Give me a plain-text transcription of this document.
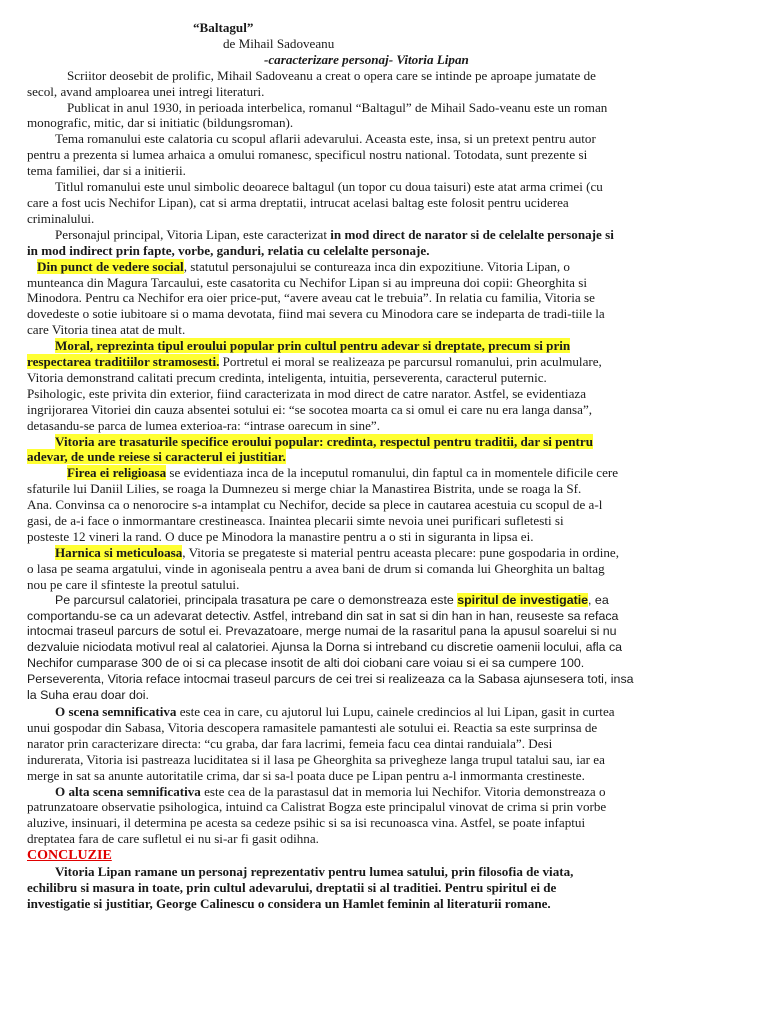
“Baltagul”
de Mihail Sadoveanu
-caracterizare personaj- Vitoria Lipan
Scriitor deosebit de prolific, Mihail Sadoveanu a creat o opera care se intinde pe aproape jumatate de
secol, avand amploarea unei intregi literaturi.
Publicat in anul 1930, in perioada interbelica, romanul “Baltagul” de Mihail Sado-veanu este un roman
monografic, mitic, dar si initiatic (bildungsroman).
Tema romanului este calatoria cu scopul aflarii adevarului. Aceasta este, insa, si un pretext pentru autor
pentru a prezenta si lumea arhaica a omului romanesc, specificul nostru national. Totodata, sunt prezente si
tema familiei, dar si a initierii.
Titlul romanului este unul simbolic deoarece baltagul (un topor cu doua taisuri) este atat arma crimei (cu
care a fost ucis Nechifor Lipan), cat si arma dreptatii, intrucat acelasi baltag este folosit pentru uciderea
criminalului.
Personajul principal, Vitoria Lipan, este caracterizat in mod direct de narator si de celelalte personaje si
in mod indirect prin fapte, vorbe, ganduri, relatia cu celelalte personaje.
Din punct de vedere social, statutul personajului se contureaza inca din expozitiune. Vitoria Lipan, o
munteanca din Magura Tarcaului, este casatorita cu Nechifor Lipan si au impreuna doi copii: Gheorghita si
Minodora. Pentru ca Nechifor era oier price-put, “avere aveau cat le trebuia”. In relatia cu familia, Vitoria se
dovedeste o sotie iubitoare si o mama devotata, fiind mai severa cu Minodora care se indeparta de tradi-tiile la
care Vitoria tinea atat de mult.
Moral, reprezinta tipul eroului popular prin cultul pentru adevar si dreptate, precum si prin
respectarea traditiilor stramosesti. Portretul ei moral se realizeaza pe parcursul romanului, prin aculmulare,
Vitoria demonstrand calitati precum credinta, inteligenta, intuitia, perseverenta, caracterul puternic.
Psihologic, este privita din exterior, fiind caracterizata in mod direct de catre narator. Astfel, se evidentiaza
ingrijorarea Vitoriei din cauza absentei sotului ei: “se socotea moarta ca si omul ei care nu era langa dansa”,
detasandu-se parca de lumea exterioa-ra: “intrase oarecum in sine”.
Vitoria are trasaturile specifice eroului popular: credinta, respectul pentru traditii, dar si pentru
adevar, de unde reiese si caracterul ei justitiar.
Firea ei religioasa se evidentiaza inca de la inceputul romanului, din faptul ca in momentele dificile cere
sfaturile lui Daniil Lilies, se roaga la Dumnezeu si merge chiar la Manastirea Bistrita, unde se roaga la Sf.
Ana. Convinsa ca o nenorocire s-a intamplat cu Nechifor, decide sa plece in cautarea acestuia cu scopul de a-l
gasi, de a-i face o inmormantare crestineasca. Inaintea plecarii simte nevoia unei purificari sufletesti si
posteste 12 vineri la rand. O duce pe Minodora la manastire pentru a o sti in siguranta in lipsa ei.
Harnica si meticuloasa, Vitoria se pregateste si material pentru aceasta plecare: pune gospodaria in ordine,
o lasa pe seama argatului, vinde in agoniseala pentru a avea bani de drum si comanda lui Gheorghita un baltag
nou pe care il sfinteste la preotul satului.
Pe parcursul calatoriei, principala trasatura pe care o demonstreaza este spiritul de investigatie, ea
comportandu-se ca un adevarat detectiv. Astfel, intreband din sat in sat si din han in han, reuseste sa refaca
intocmai traseul parcurs de sotul ei. Prevazatoare, merge numai de la rasaritul pana la apusul soarelui si nu
dezvaluie niciodata motivul real al calatoriei. Ajunsa la Dorna si intreband cu discretie oamenii locului, afla ca
Nechifor cumparase 300 de oi si ca plecase insotit de alti doi ciobani care voiau si ei sa cumpere 100.
Perseverenta, Vitoria reface intocmai traseul parcurs de cei trei si realizeaza ca la Sabasa ajunsesera toti, insa
la Suha erau doar doi.
O scena semnificativa este cea in care, cu ajutorul lui Lupu, cainele credincios al lui Lipan, gasit in curtea
unui gospodar din Sabasa, Vitoria descopera ramasitele pamantesti ale sotului ei. Reactia sa este surprinsa de
narator prin caracterizare directa: “cu graba, dar fara lacrimi, femeia facu cea dintai randuiala”. Desi
indurerata, Vitoria isi pastreaza luciditatea si il lasa pe Gheorghita sa privegheze langa trupul tatalui sau, iar ea
merge in sat sa anunte autoritatile crima, dar si sa-l poata duce pe Lipan pentru a-l inmormanta crestineste.
O alta scena semnificativa este cea de la parastasul dat in memoria lui Nechifor. Vitoria demonstreaza o
patrunzatoare observatie psihologica, intuind ca Calistrat Bogza este principalul vinovat de crima si prin vorbe
aluzive, insinuari, il determina pe acesta sa cedeze psihic si sa isi recunoasca vina. Astfel, se poate infaptui
dreptatea fara de care sufletul ei nu si-ar fi gasit odihna.
CONCLUZIE
Vitoria Lipan ramane un personaj reprezentativ pentru lumea satului, prin filosofia de viata,
echilibru si masura in toate, prin cultul adevarului, dreptatii si al traditiei. Pentru spiritul ei de
investigatie si justitiar, George Calinescu o considera un Hamlet feminin al literaturii romane.
